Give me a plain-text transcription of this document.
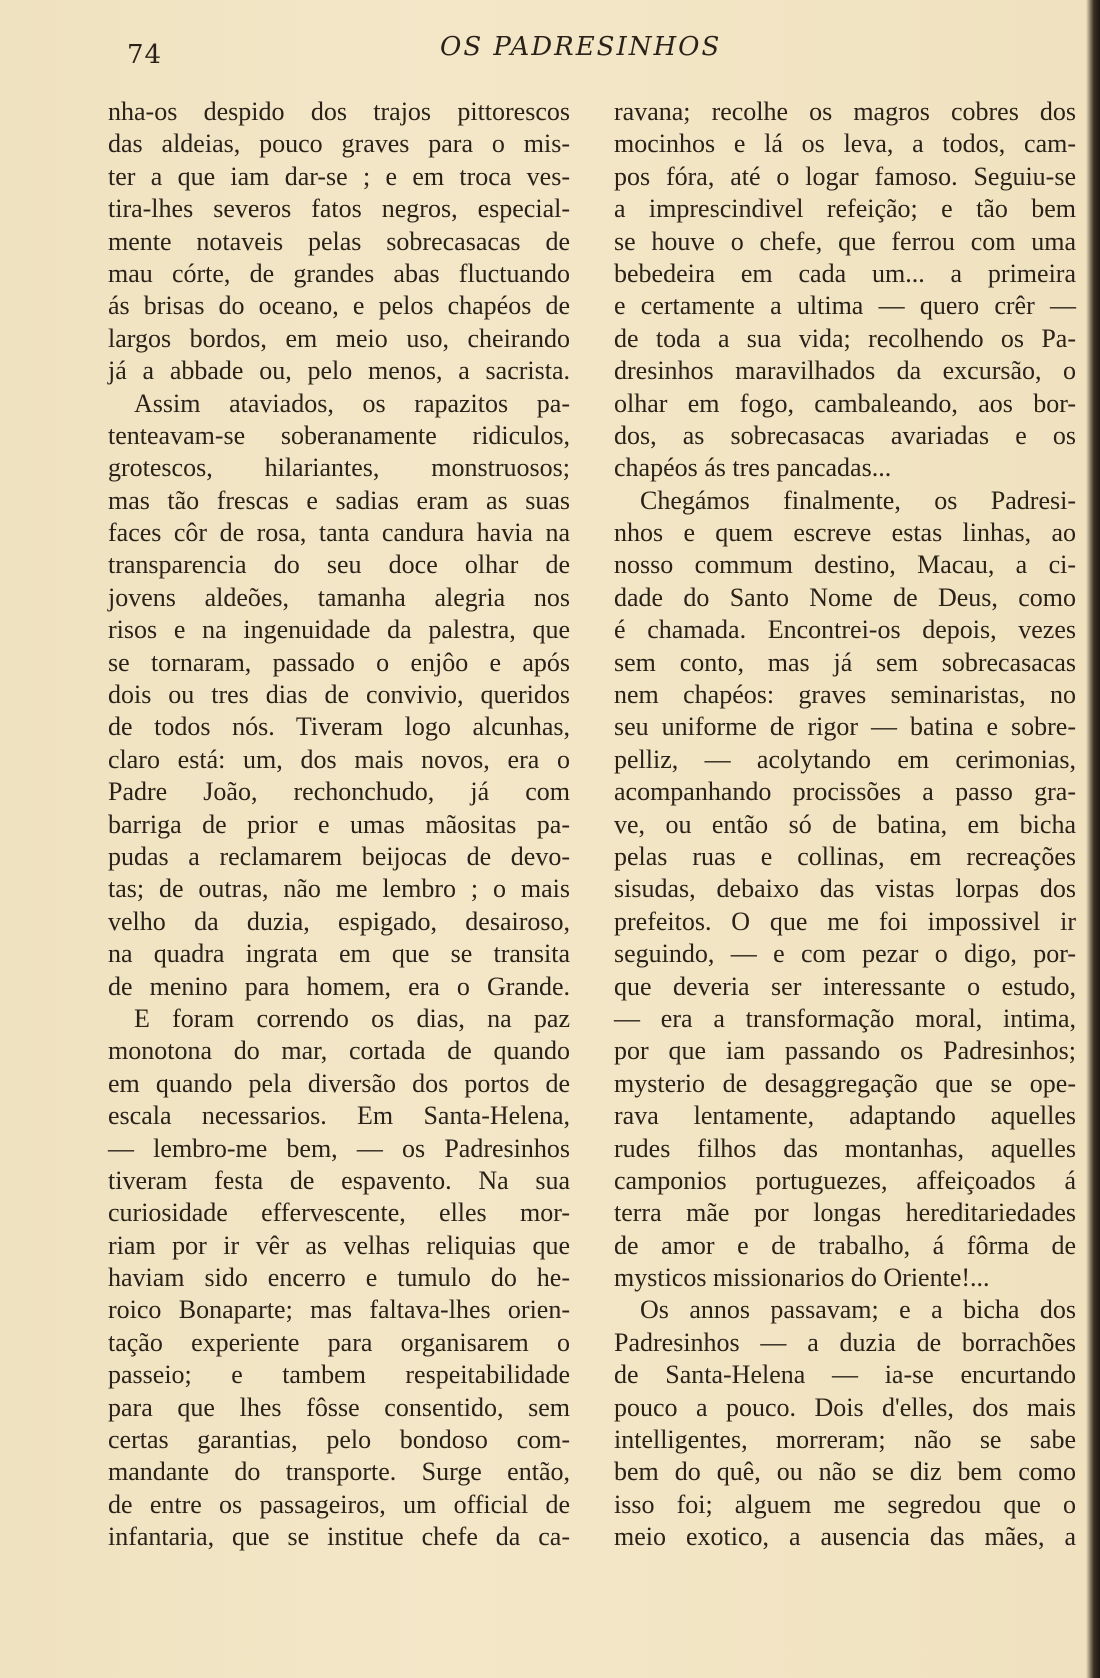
74	OS PADRESINHOS
nha-os despido dos trajos pittorescos
das aldeias, pouco graves para o mis-
ter a que iam dar-se ; e em troca ves-
tira-lhes severos fatos negros, especial-
mente notaveis pelas sobrecasacas de
mau córte, de grandes abas fluctuando
ás brisas do oceano, e pelos chapéos de
largos bordos, em meio uso, cheirando
já a abbade ou, pelo menos, a sacrista.
Assim ataviados, os rapazitos pa-
tenteavam-se soberanamente ridiculos,
grotescos, hilariantes, monstruosos;
mas tão frescas e sadias eram as suas
faces côr de rosa, tanta candura havia na
transparencia do seu doce olhar de
jovens aldeões, tamanha alegria nos
risos e na ingenuidade da palestra, que
se tornaram, passado o enjôo e após
dois ou tres dias de convivio, queridos
de todos nós. Tiveram logo alcunhas,
claro está: um, dos mais novos, era o
Padre João, rechonchudo, já com
barriga de prior e umas mãositas pa-
pudas a reclamarem beijocas de devo-
tas; de outras, não me lembro ; o mais
velho da duzia, espigado, desairoso,
na quadra ingrata em que se transita
de menino para homem, era o Grande.
E foram correndo os dias, na paz
monotona do mar, cortada de quando
em quando pela diversão dos portos de
escala necessarios. Em Santa-Helena,
— lembro-me bem, — os Padresinhos
tiveram festa de espavento. Na sua
curiosidade effervescente, elles mor-
riam por ir vêr as velhas reliquias que
haviam sido encerro e tumulo do he-
roico Bonaparte; mas faltava-lhes orien-
tação experiente para organisarem o
passeio; e tambem respeitabilidade
para que lhes fôsse consentido, sem
certas garantias, pelo bondoso com-
mandante do transporte. Surge então,
de entre os passageiros, um official de
infantaria, que se institue chefe da ca-
ravana; recolhe os magros cobres dos
mocinhos e lá os leva, a todos, cam-
pos fóra, até o logar famoso. Seguiu-se
a imprescindivel refeição; e tão bem
se houve o chefe, que ferrou com uma
bebedeira em cada um... a primeira
e certamente a ultima — quero crêr —
de toda a sua vida; recolhendo os Pa-
dresinhos maravilhados da excursão, o
olhar em fogo, cambaleando, aos bor-
dos, as sobrecasacas avariadas e os
chapéos ás tres pancadas...
Chegámos finalmente, os Padresi-
nhos e quem escreve estas linhas, ao
nosso commum destino, Macau, a ci-
dade do Santo Nome de Deus, como
é chamada. Encontrei-os depois, vezes
sem conto, mas já sem sobrecasacas
nem chapéos: graves seminaristas, no
seu uniforme de rigor — batina e sobre-
pelliz, — acolytando em cerimonias,
acompanhando procissões a passo gra-
ve, ou então só de batina, em bicha
pelas ruas e collinas, em recreações
sisudas, debaixo das vistas lorpas dos
prefeitos. O que me foi impossivel ir
seguindo, — e com pezar o digo, por-
que deveria ser interessante o estudo,
— era a transformação moral, intima,
por que iam passando os Padresinhos;
mysterio de desaggregação que se ope-
rava lentamente, adaptando aquelles
rudes filhos das montanhas, aquelles
camponios portuguezes, affeiçoados á
terra mãe por longas hereditariedades
de amor e de trabalho, á fôrma de
mysticos missionarios do Oriente!...
Os annos passavam; e a bicha dos
Padresinhos — a duzia de borrachões
de Santa-Helena — ia-se encurtando
pouco a pouco. Dois d'elles, dos mais
intelligentes, morreram; não se sabe
bem do quê, ou não se diz bem como
isso foi; alguem me segredou que o
meio exotico, a ausencia das mães, a
